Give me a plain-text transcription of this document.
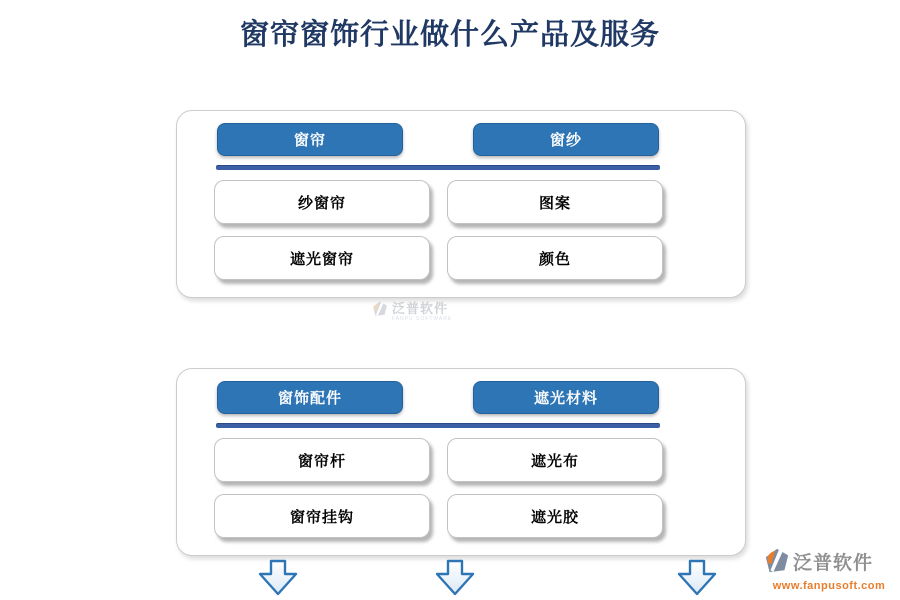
窗帘窗饰行业做什么产品及服务
窗帘	窗纱
纱窗帘	图案
遮光窗帘	颜色
泛普软件
FANPU SOFTWARE
窗饰配件	遮光材料
窗帘杆	遮光布
窗帘挂钩	遮光胶
泛普软件
www.fanpusoft.com
